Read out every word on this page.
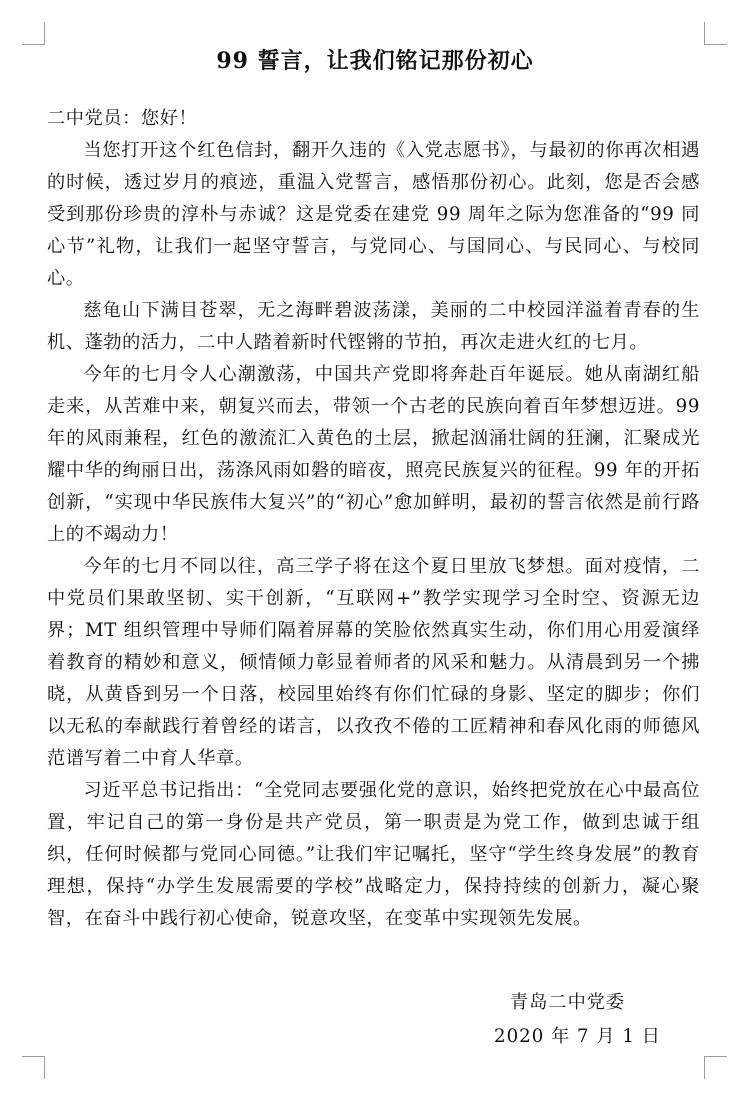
99 誓言，让我们铭记那份初心

二中党员：您好！

当您打开这个红色信封，翻开久违的《入党志愿书》，与最初的你再次相遇的时候，透过岁月的痕迹，重温入党誓言，感悟那份初心。此刻，您是否会感受到那份珍贵的淳朴与赤诚？这是党委在建党 99 周年之际为您准备的“99 同心节”礼物，让我们一起坚守誓言，与党同心、与国同心、与民同心、与校同心。

慈龟山下满目苍翠，无之海畔碧波荡漾，美丽的二中校园洋溢着青春的生机、蓬勃的活力，二中人踏着新时代铿锵的节拍，再次走进火红的七月。

今年的七月令人心潮激荡，中国共产党即将奔赴百年诞辰。她从南湖红船走来，从苦难中来，朝复兴而去，带领一个古老的民族向着百年梦想迈进。99 年的风雨兼程，红色的激流汇入黄色的土层，掀起汹涌壮阔的狂澜，汇聚成光耀中华的绚丽日出，荡涤风雨如磐的暗夜，照亮民族复兴的征程。99 年的开拓创新，“实现中华民族伟大复兴”的“初心”愈加鲜明，最初的誓言依然是前行路上的不竭动力！

今年的七月不同以往，高三学子将在这个夏日里放飞梦想。面对疫情，二中党员们果敢坚韧、实干创新，“互联网+”教学实现学习全时空、资源无边界；MT 组织管理中导师们隔着屏幕的笑脸依然真实生动，你们用心用爱演绎着教育的精妙和意义，倾情倾力彰显着师者的风采和魅力。从清晨到另一个拂晓，从黄昏到另一个日落，校园里始终有你们忙碌的身影、坚定的脚步；你们以无私的奉献践行着曾经的诺言，以孜孜不倦的工匠精神和春风化雨的师德风范谱写着二中育人华章。

习近平总书记指出：“全党同志要强化党的意识，始终把党放在心中最高位置，牢记自己的第一身份是共产党员，第一职责是为党工作，做到忠诚于组织，任何时候都与党同心同德。”让我们牢记嘱托，坚守“学生终身发展”的教育理想，保持“办学生发展需要的学校”战略定力，保持持续的创新力，凝心聚智，在奋斗中践行初心使命，锐意攻坚，在变革中实现领先发展。

青岛二中党委
2020 年 7 月 1 日
